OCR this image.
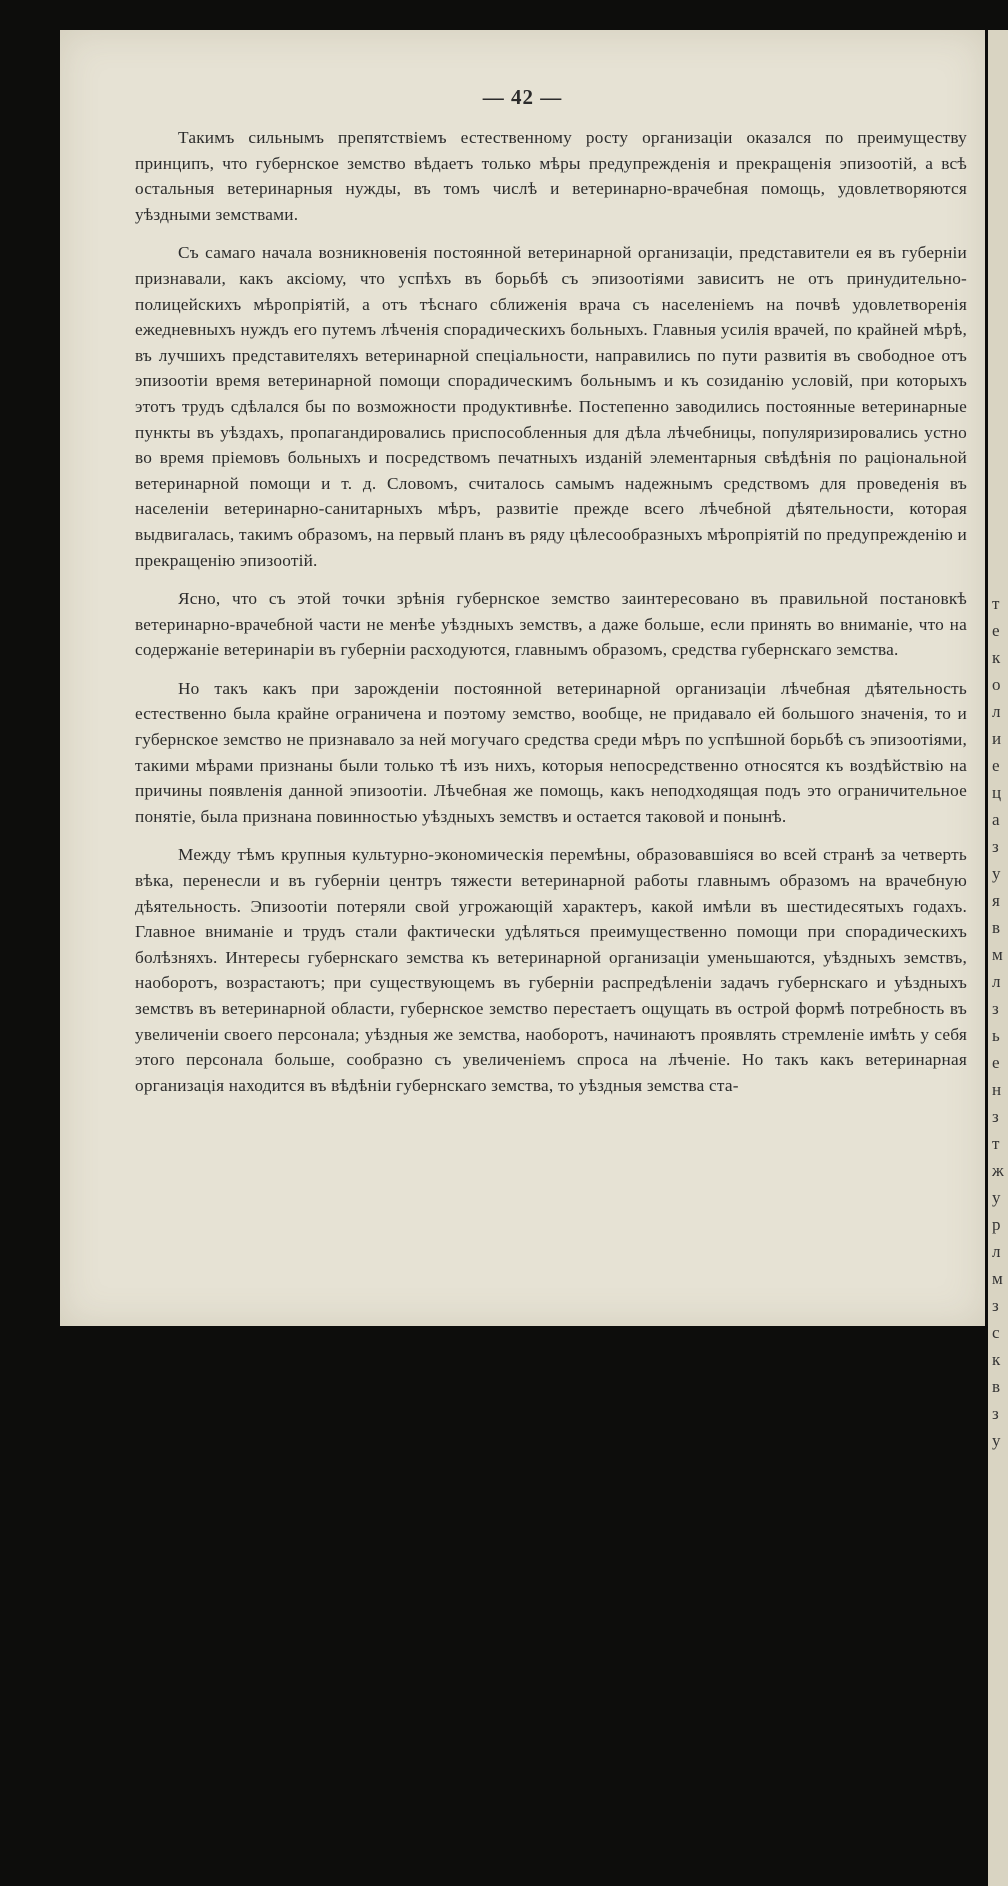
— 42 —

Такимъ сильнымъ препятствіемъ естественному росту организаціи оказался по преимуществу принципъ, что губернское земство вѣдаетъ только мѣры предупрежденія и прекращенія эпизоотій, а всѣ остальныя ветеринарныя нужды, въ томъ числѣ и ветеринарно-врачебная помощь, удовлетворяются уѣздными земствами.

Съ самаго начала возникновенія постоянной ветеринарной организаціи, представители ея въ губерніи признавали, какъ аксіому, что успѣхъ въ борьбѣ съ эпизоотіями зависитъ не отъ принудительно-полицейскихъ мѣропріятій, а отъ тѣснаго сближенія врача съ населеніемъ на почвѣ удовлетворенія ежедневныхъ нуждъ его путемъ лѣченія спорадическихъ больныхъ. Главныя усилія врачей, по крайней мѣрѣ, въ лучшихъ представителяхъ ветеринарной спеціальности, направились по пути развитія въ свободное отъ эпизоотіи время ветеринарной помощи спорадическимъ больнымъ и къ созиданію условій, при которыхъ этотъ трудъ сдѣлался бы по возможности продуктивнѣе. Постепенно заводились постоянные ветеринарные пункты въ уѣздахъ, пропагандировались приспособленныя для дѣла лѣчебницы, популяризировались устно во время пріемовъ больныхъ и посредствомъ печатныхъ изданій элементарныя свѣдѣнія по раціональной ветеринарной помощи и т. д. Словомъ, считалось самымъ надежнымъ средствомъ для проведенія въ населеніи ветеринарно-санитарныхъ мѣръ, развитіе прежде всего лѣчебной дѣятельности, которая выдвигалась, такимъ образомъ, на первый планъ въ ряду цѣлесообразныхъ мѣропріятій по предупрежденію и прекращенію эпизоотій.

Ясно, что съ этой точки зрѣнія губернское земство заинтересовано въ правильной постановкѣ ветеринарно-врачебной части не менѣе уѣздныхъ земствъ, а даже больше, если принять во вниманіе, что на содержаніе ветеринаріи въ губерніи расходуются, главнымъ образомъ, средства губернскаго земства.

Но такъ какъ при зарожденіи постоянной ветеринарной организаціи лѣчебная дѣятельность естественно была крайне ограничена и поэтому земство, вообще, не придавало ей большого значенія, то и губернское земство не признавало за ней могучаго средства среди мѣръ по успѣшной борьбѣ съ эпизоотіями, такими мѣрами признаны были только тѣ изъ нихъ, которыя непосредственно относятся къ воздѣйствію на причины появленія данной эпизоотіи. Лѣчебная же помощь, какъ неподходящая подъ это ограничительное понятіе, была признана повинностью уѣздныхъ земствъ и остается таковой и понынѣ.

Между тѣмъ крупныя культурно-экономическія перемѣны, образовавшіяся во всей странѣ за четверть вѣка, перенесли и въ губерніи центръ тяжести ветеринарной работы главнымъ образомъ на врачебную дѣятельность. Эпизоотіи потеряли свой угрожающій характеръ, какой имѣли въ шестидесятыхъ годахъ. Главное вниманіе и трудъ стали фактически удѣляться преимущественно помощи при спорадическихъ болѣзняхъ. Интересы губернскаго земства къ ветеринарной организаціи уменьшаются, уѣздныхъ земствъ, наоборотъ, возрастаютъ; при существующемъ въ губерніи распредѣленіи задачъ губернскаго и уѣздныхъ земствъ въ ветеринарной области, губернское земство перестаетъ ощущать въ острой формѣ потребность въ увеличеніи своего персонала; уѣздныя же земства, наоборотъ, начинаютъ проявлять стремленіе имѣть у себя этого персонала больше, сообразно съ увеличеніемъ спроса на лѣченіе. Но такъ какъ ветеринарная организація находится въ вѣдѣніи губернскаго земства, то уѣздныя земства ста-

т
е
к
о
л
и
е
ц
а
з
у
я
в
м
л
з
ь
е
н
з
т
ж
у
р
л
м
з
с
к
в
з
у
